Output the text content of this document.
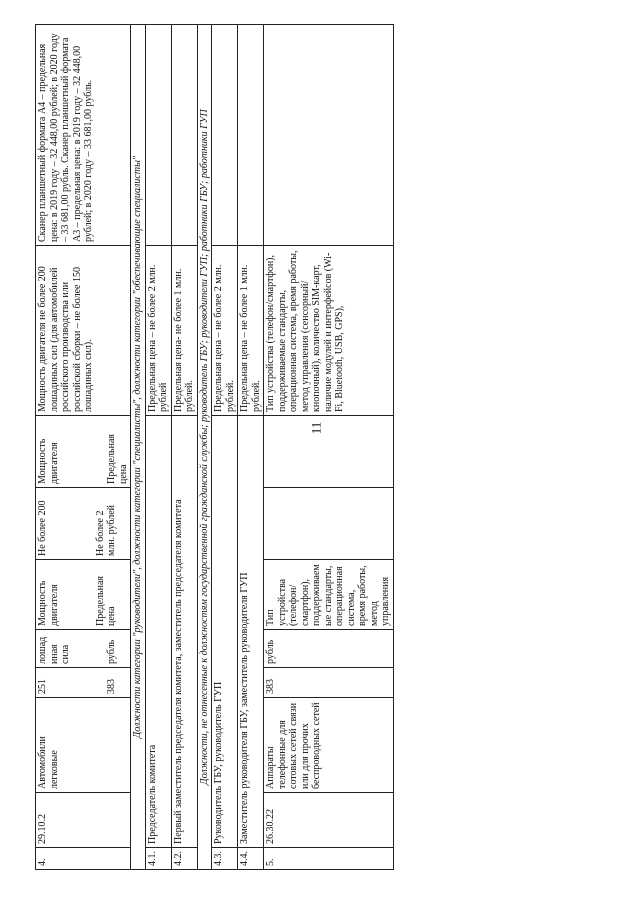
11
4.	29.10.2	Автомобили легковые	251 383	лошадиная сила рубль	Мощность двигателя Предельная цена	Не более 200 Не более 2 млн. рублей	Мощность двигателя Предельная цена	Мощность двигателя не более 200 лошадиных сил (для автомобилей российского производства или российской сборки – не более 150 лошадиных сил).	Сканер планшетный формата А4 – предельная цена: в 2019 году – 32 448,00 рублей; в 2020 году – 33 681,00 рубль. Сканер планшетный формата А3 – предельная цена: в 2019 году – 32 448,00 рублей; в 2020 году – 33 681,00 рубль.
Должности категории "руководители", должности категории "специалисты", должности категории "обеспечивающие специалисты"									
4.1.	Председатель комитета							Предельная цена – не более 2 млн. рублей	
4.2.	Первый заместитель председателя комитета, заместитель председателя комитета							Предельная цена- не более 1 млн. рублей.	
Должности, не отнесенные к должностям государственной гражданской службы; руководитель ГБУ; руководители ГУП; работники ГБУ; работники ГУП									
4.3.	Руководитель ГБУ, руководитель ГУП							Предельная цена – не более 2 млн. рублей.	
4.4.	Заместитель руководителя ГБУ, заместитель руководителя ГУП							Предельная цена – не более 1 млн. рублей.	
5.	26.30.22	Аппараты телефонные для сотовых сетей связи или для прочих беспроводных сетей	383	рубль	Тип устройства (телефон/смартфон), поддерживаемые стандарты, операционная система, время работы, метод управления			Тип устройства (телефон/смартфон), поддерживаемые стандарты, операционная система, время работы, метод управления (сенсорный/кнопочный), количество SIM-карт, наличие модулей и интерфейсов (Wi-Fi, Bluetooth, USB, GPS),	
